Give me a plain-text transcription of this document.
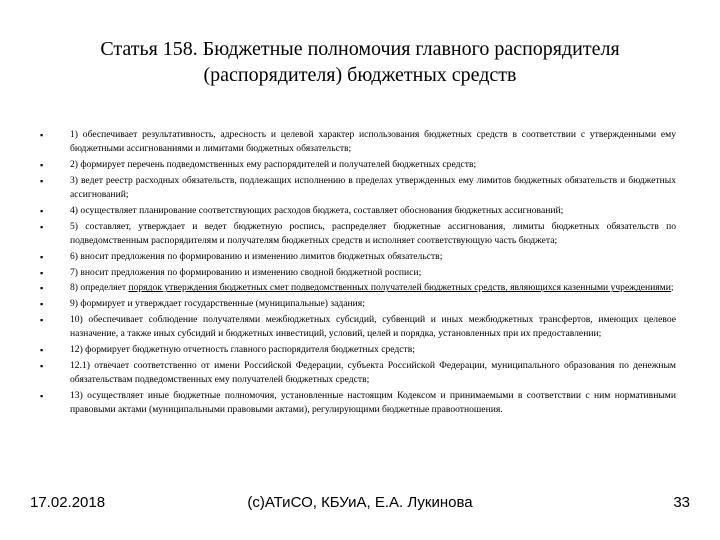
Статья 158. Бюджетные полномочия главного распорядителя
(распорядителя) бюджетных средств
▪	1) обеспечивает результативность, адресность и целевой характер использования бюджетных средств в соответствии с утвержденными ему бюджетными ассигнованиями и лимитами бюджетных обязательств;
▪	2) формирует перечень подведомственных ему распорядителей и получателей бюджетных средств;
▪	3) ведет реестр расходных обязательств, подлежащих исполнению в пределах утвержденных ему лимитов бюджетных обязательств и бюджетных ассигнований;
▪	4) осуществляет планирование соответствующих расходов бюджета, составляет обоснования бюджетных ассигнований;
▪	5) составляет, утверждает и ведет бюджетную роспись, распределяет бюджетные ассигнования, лимиты бюджетных обязательств по подведомственным распорядителям и получателям бюджетных средств и исполняет соответствующую часть бюджета;
▪	6) вносит предложения по формированию и изменению лимитов бюджетных обязательств;
▪	7) вносит предложения по формированию и изменению сводной бюджетной росписи;
▪	8) определяет порядок утверждения бюджетных смет подведомственных получателей бюджетных средств, являющихся казенными учреждениями;
▪	9) формирует и утверждает государственные (муниципальные) задания;
▪	10) обеспечивает соблюдение получателями межбюджетных субсидий, субвенций и иных межбюджетных трансфертов, имеющих целевое назначение, а также иных субсидий и бюджетных инвестиций, условий, целей и порядка, установленных при их предоставлении;
▪	12) формирует бюджетную отчетность главного распорядителя бюджетных средств;
▪	12.1) отвечает соответственно от имени Российской Федерации, субъекта Российской Федерации, муниципального образования по денежным обязательствам подведомственных ему получателей бюджетных средств;
▪	13) осуществляет иные бюджетные полномочия, установленные настоящим Кодексом и принимаемыми в соответствии с ним нормативными правовыми актами (муниципальными правовыми актами), регулирующими бюджетные правоотношения.
17.02.2018	(с)АТиСО, КБУиА, Е.А. Лукинова	33
